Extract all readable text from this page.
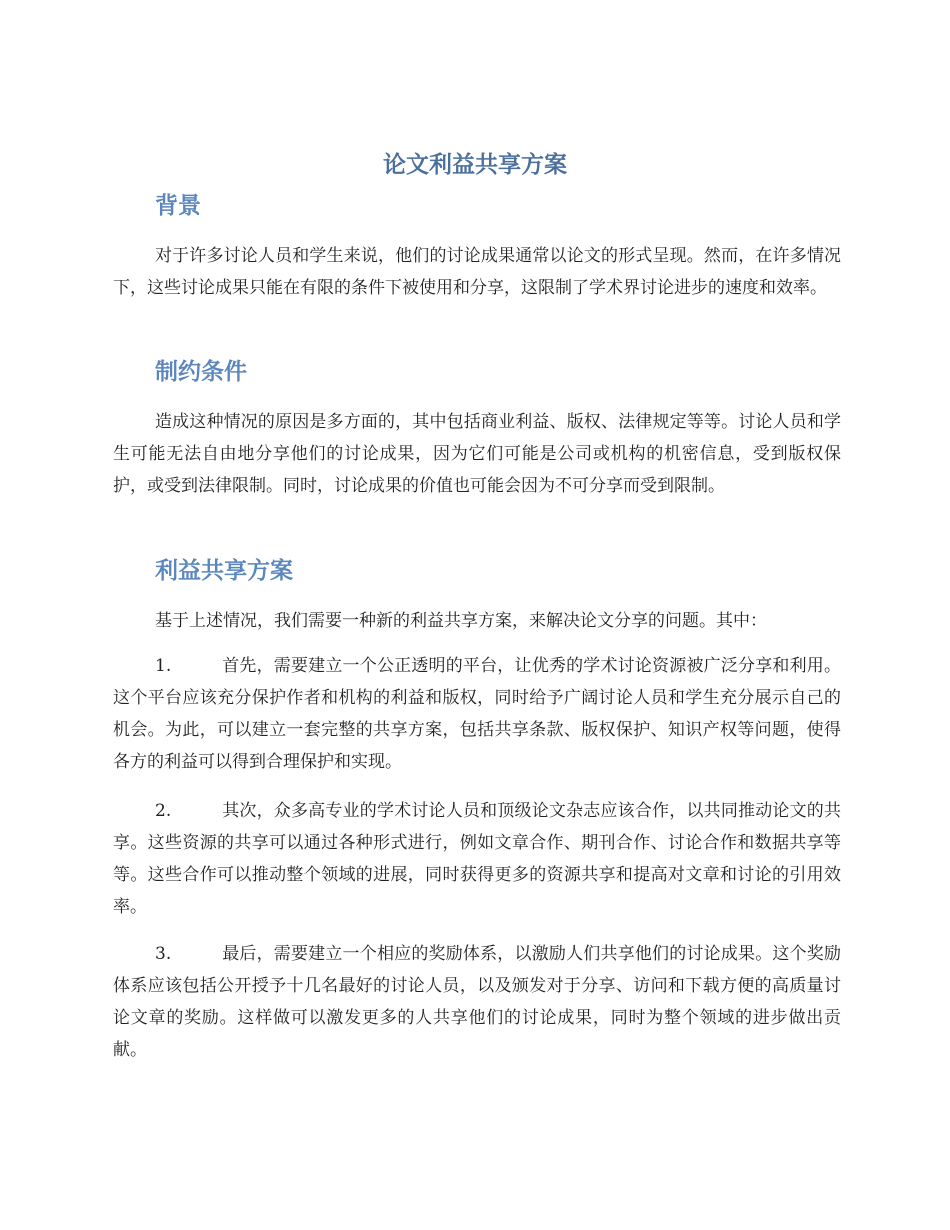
论文利益共享方案
背景

对于许多讨论人员和学生来说，他们的讨论成果通常以论文的形式呈现。然而，在许多情况下，这些讨论成果只能在有限的条件下被使用和分享，这限制了学术界讨论进步的速度和效率。

制约条件

造成这种情况的原因是多方面的，其中包括商业利益、版权、法律规定等等。讨论人员和学生可能无法自由地分享他们的讨论成果，因为它们可能是公司或机构的机密信息，受到版权保护，或受到法律限制。同时，讨论成果的价值也可能会因为不可分享而受到限制。

利益共享方案

基于上述情况，我们需要一种新的利益共享方案，来解决论文分享的问题。其中：

1.	首先，需要建立一个公正透明的平台，让优秀的学术讨论资源被广泛分享和利用。这个平台应该充分保护作者和机构的利益和版权，同时给予广阔讨论人员和学生充分展示自己的机会。为此，可以建立一套完整的共享方案，包括共享条款、版权保护、知识产权等问题，使得各方的利益可以得到合理保护和实现。

2.	其次，众多高专业的学术讨论人员和顶级论文杂志应该合作，以共同推动论文的共享。这些资源的共享可以通过各种形式进行，例如文章合作、期刊合作、讨论合作和数据共享等等。这些合作可以推动整个领域的进展，同时获得更多的资源共享和提高对文章和讨论的引用效率。

3.	最后，需要建立一个相应的奖励体系，以激励人们共享他们的讨论成果。这个奖励体系应该包括公开授予十几名最好的讨论人员，以及颁发对于分享、访问和下载方便的高质量讨论文章的奖励。这样做可以激发更多的人共享他们的讨论成果，同时为整个领域的进步做出贡献。
